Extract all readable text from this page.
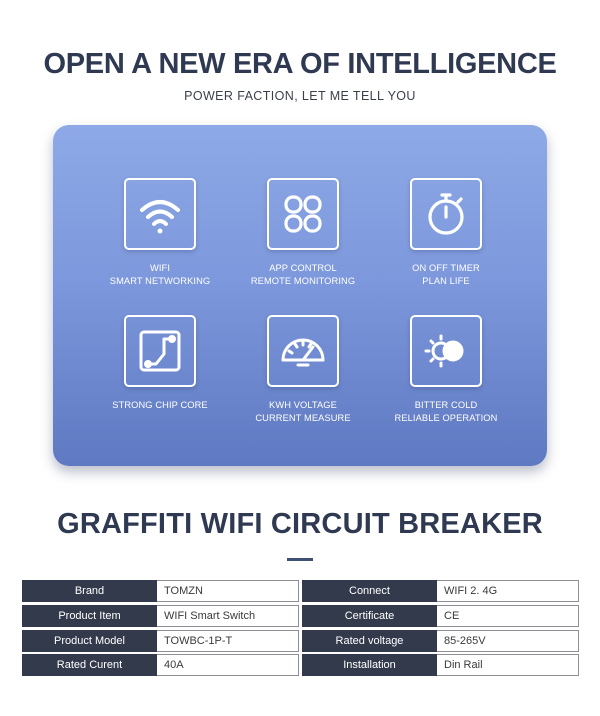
OPEN A NEW ERA OF INTELLIGENCE
POWER FACTION, LET ME TELL YOU
WIFI
SMART NETWORKING
APP CONTROL
REMOTE MONITORING
ON OFF TIMER
PLAN LIFE
STRONG CHIP CORE	KWH VOLTAGE
CURRENT MEASURE
BITTER COLD
RELIABLE OPERATION
GRAFFITI WIFI CIRCUIT BREAKER
Brand	TOMZN
Product Item	WIFI Smart Switch
Product Model	TOWBC-1P-T
Rated Curent	40A
Connect	WIFI 2. 4G
Certificate	CE
Rated voltage	85-265V
Installation	Din Rail
